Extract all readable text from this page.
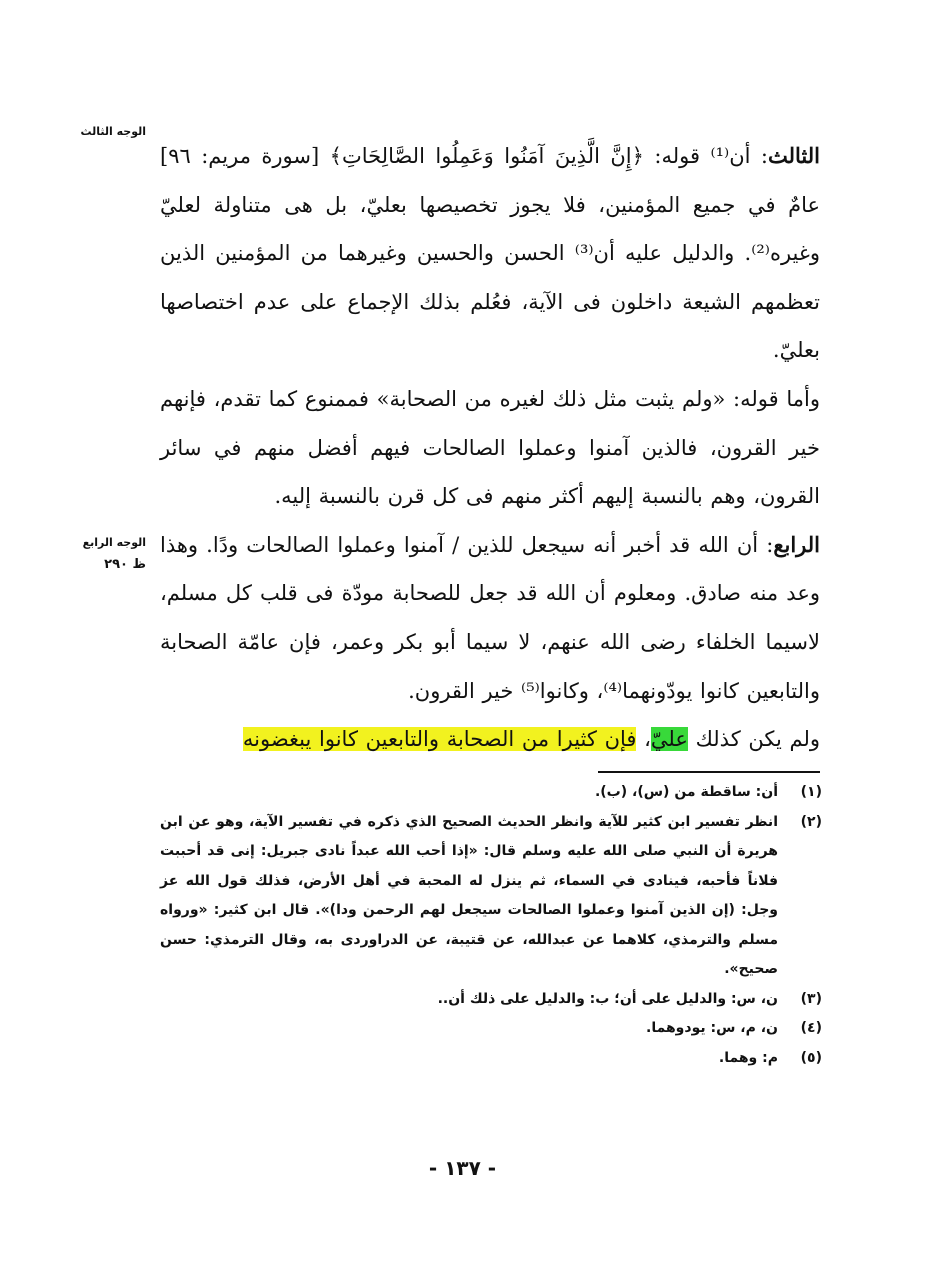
الوجه الثالث
الوجه الرابع
ظ ٢٩٠

الثالث: أن⁽¹⁾ قوله: ﴿إِنَّ الَّذِينَ آمَنُوا وَعَمِلُوا الصَّالِحَاتِ﴾ [سورة مريم: ٩٦] عامٌ في جميع المؤمنين، فلا يجوز تخصيصها بعليّ، بل هى متناولة لعليّ وغيره⁽²⁾. والدليل عليه أن⁽³⁾ الحسن والحسين وغيرهما من المؤمنين الذين تعظمهم الشيعة داخلون فى الآية، فعُلم بذلك الإجماع على عدم اختصاصها بعليّ.

وأما قوله: «ولم يثبت مثل ذلك لغيره من الصحابة» فممنوع كما تقدم، فإنهم خير القرون، فالذين آمنوا وعملوا الصالحات فيهم أفضل منهم في سائر القرون، وهم بالنسبة إليهم أكثر منهم فى كل قرن بالنسبة إليه.

الرابع: أن الله قد أخبر أنه سيجعل للذين / آمنوا وعملوا الصالحات ودًا. وهذا وعد منه صادق. ومعلوم أن الله قد جعل للصحابة مودّة فى قلب كل مسلم، لاسيما الخلفاء رضى الله عنهم، لا سيما أبو بكر وعمر، فإن عامّة الصحابة والتابعين كانوا يودّونهما⁽⁴⁾، وكانوا⁽⁵⁾ خير القرون.

ولم يكن كذلك عليّ، فإن كثيرا من الصحابة والتابعين كانوا يبغضونه

(١)
أن: ساقطة من (س)، (ب).
(٢)
انظر تفسير ابن كثير للآية وانظر الحديث الصحيح الذي ذكره في تفسير الآية، وهو عن ابن هريرة أن النبي صلى الله عليه وسلم قال: «إذا أحب الله عبداً نادى جبريل: إنى قد أحببت فلاناً فأحبه، فينادى في السماء، ثم ينزل له المحبة في أهل الأرض، فذلك قول الله عز وجل: (إن الذين آمنوا وعملوا الصالحات سيجعل لهم الرحمن ودا)». قال ابن كثير: «ورواه مسلم والترمذي، كلاهما عن عبدالله، عن قتيبة، عن الدراوردى به، وقال الترمذي: حسن صحيح».
(٣)
ن، س: والدليل على أن؛ ب: والدليل على ذلك أن..
(٤)
ن، م، س: يودوهما.
(٥)
م: وهما.
- ١٣٧ -
